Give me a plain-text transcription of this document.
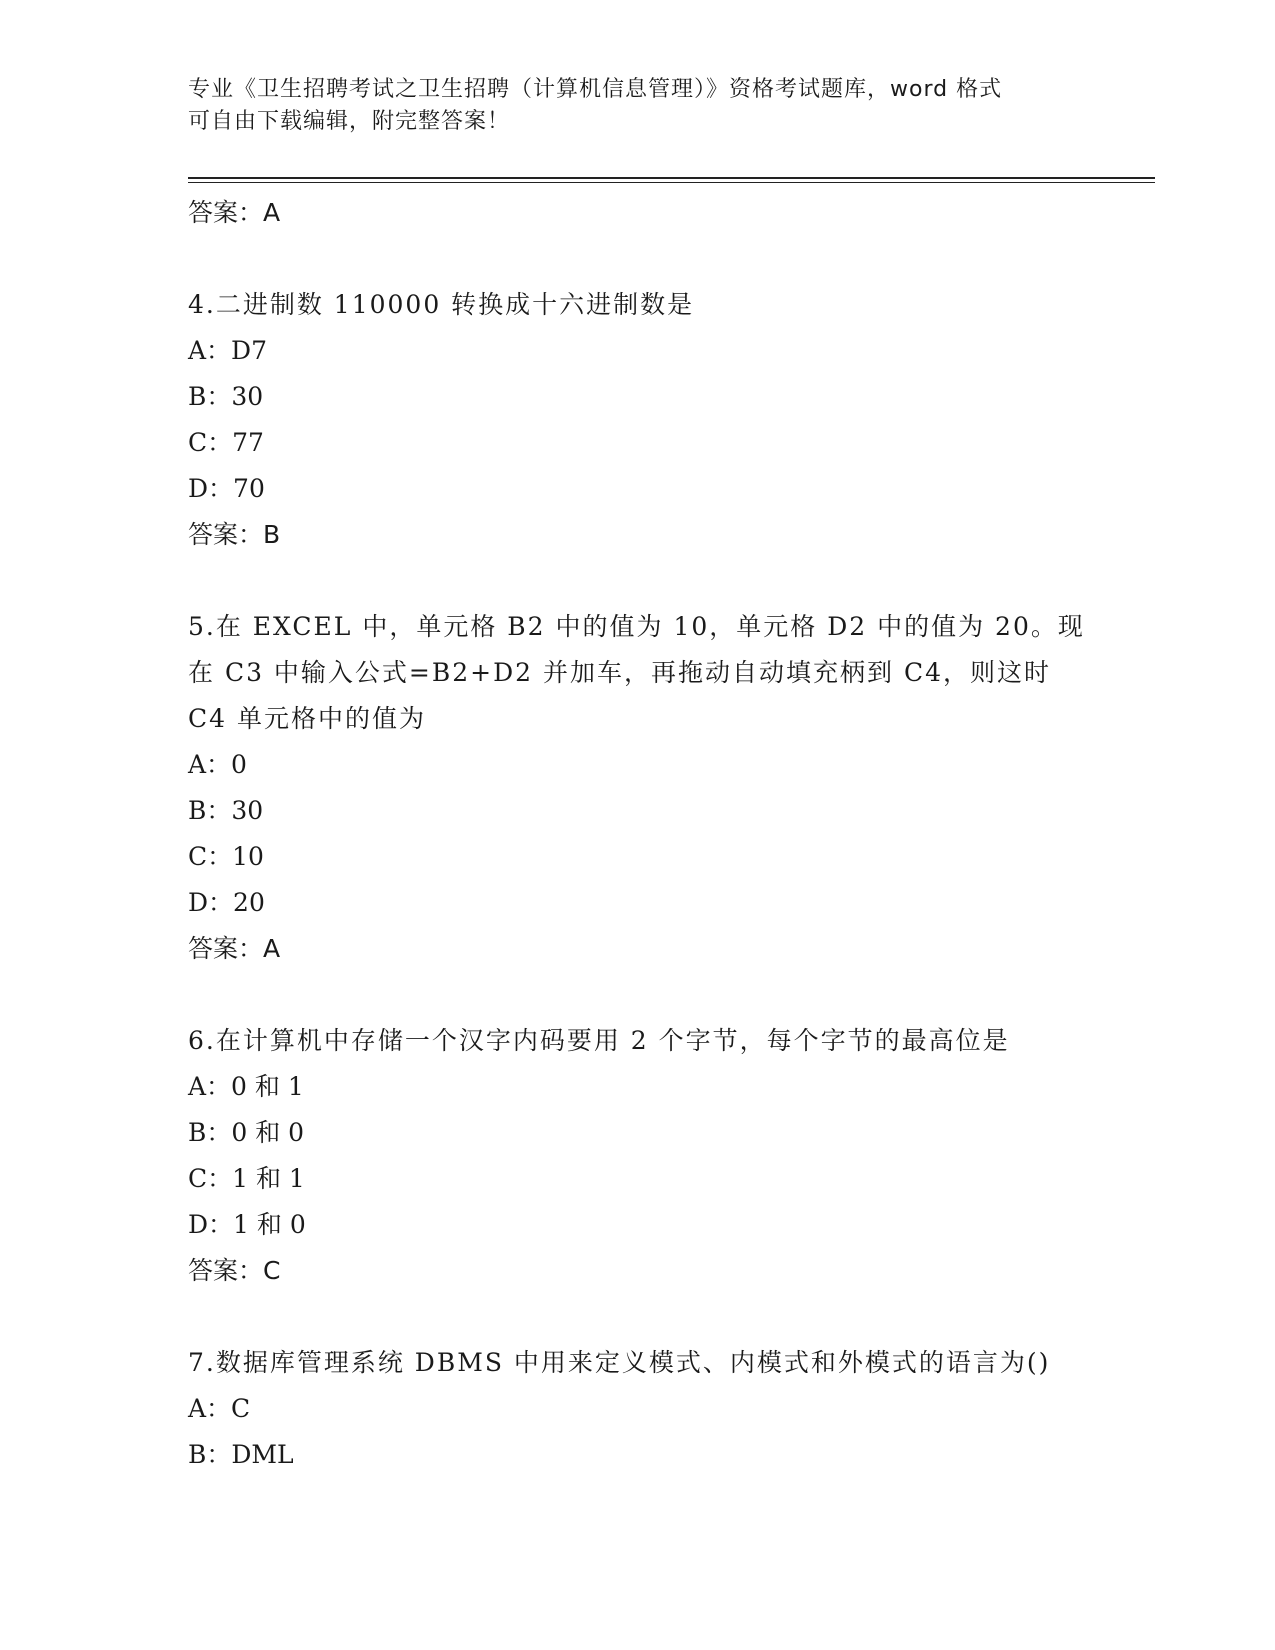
专业《卫生招聘考试之卫生招聘（计算机信息管理）》资格考试题库，word 格式
可自由下载编辑，附完整答案！

答案：A

4.二进制数 110000 转换成十六进制数是

A：D7

B：30

C：77

D：70

答案：B

5.在 EXCEL 中，单元格 B2 中的值为 10，单元格 D2 中的值为 20。现在 C3 中输入公式=B2+D2 并加车，再拖动自动填充柄到 C4，则这时 C4 单元格中的值为

A：0

B：30

C：10

D：20

答案：A

6.在计算机中存储一个汉字内码要用 2 个字节，每个字节的最高位是

A：0 和 1

B：0 和 0

C：1 和 1

D：1 和 0

答案：C

7.数据库管理系统 DBMS 中用来定义模式、内模式和外模式的语言为()

A：C

B：DML
